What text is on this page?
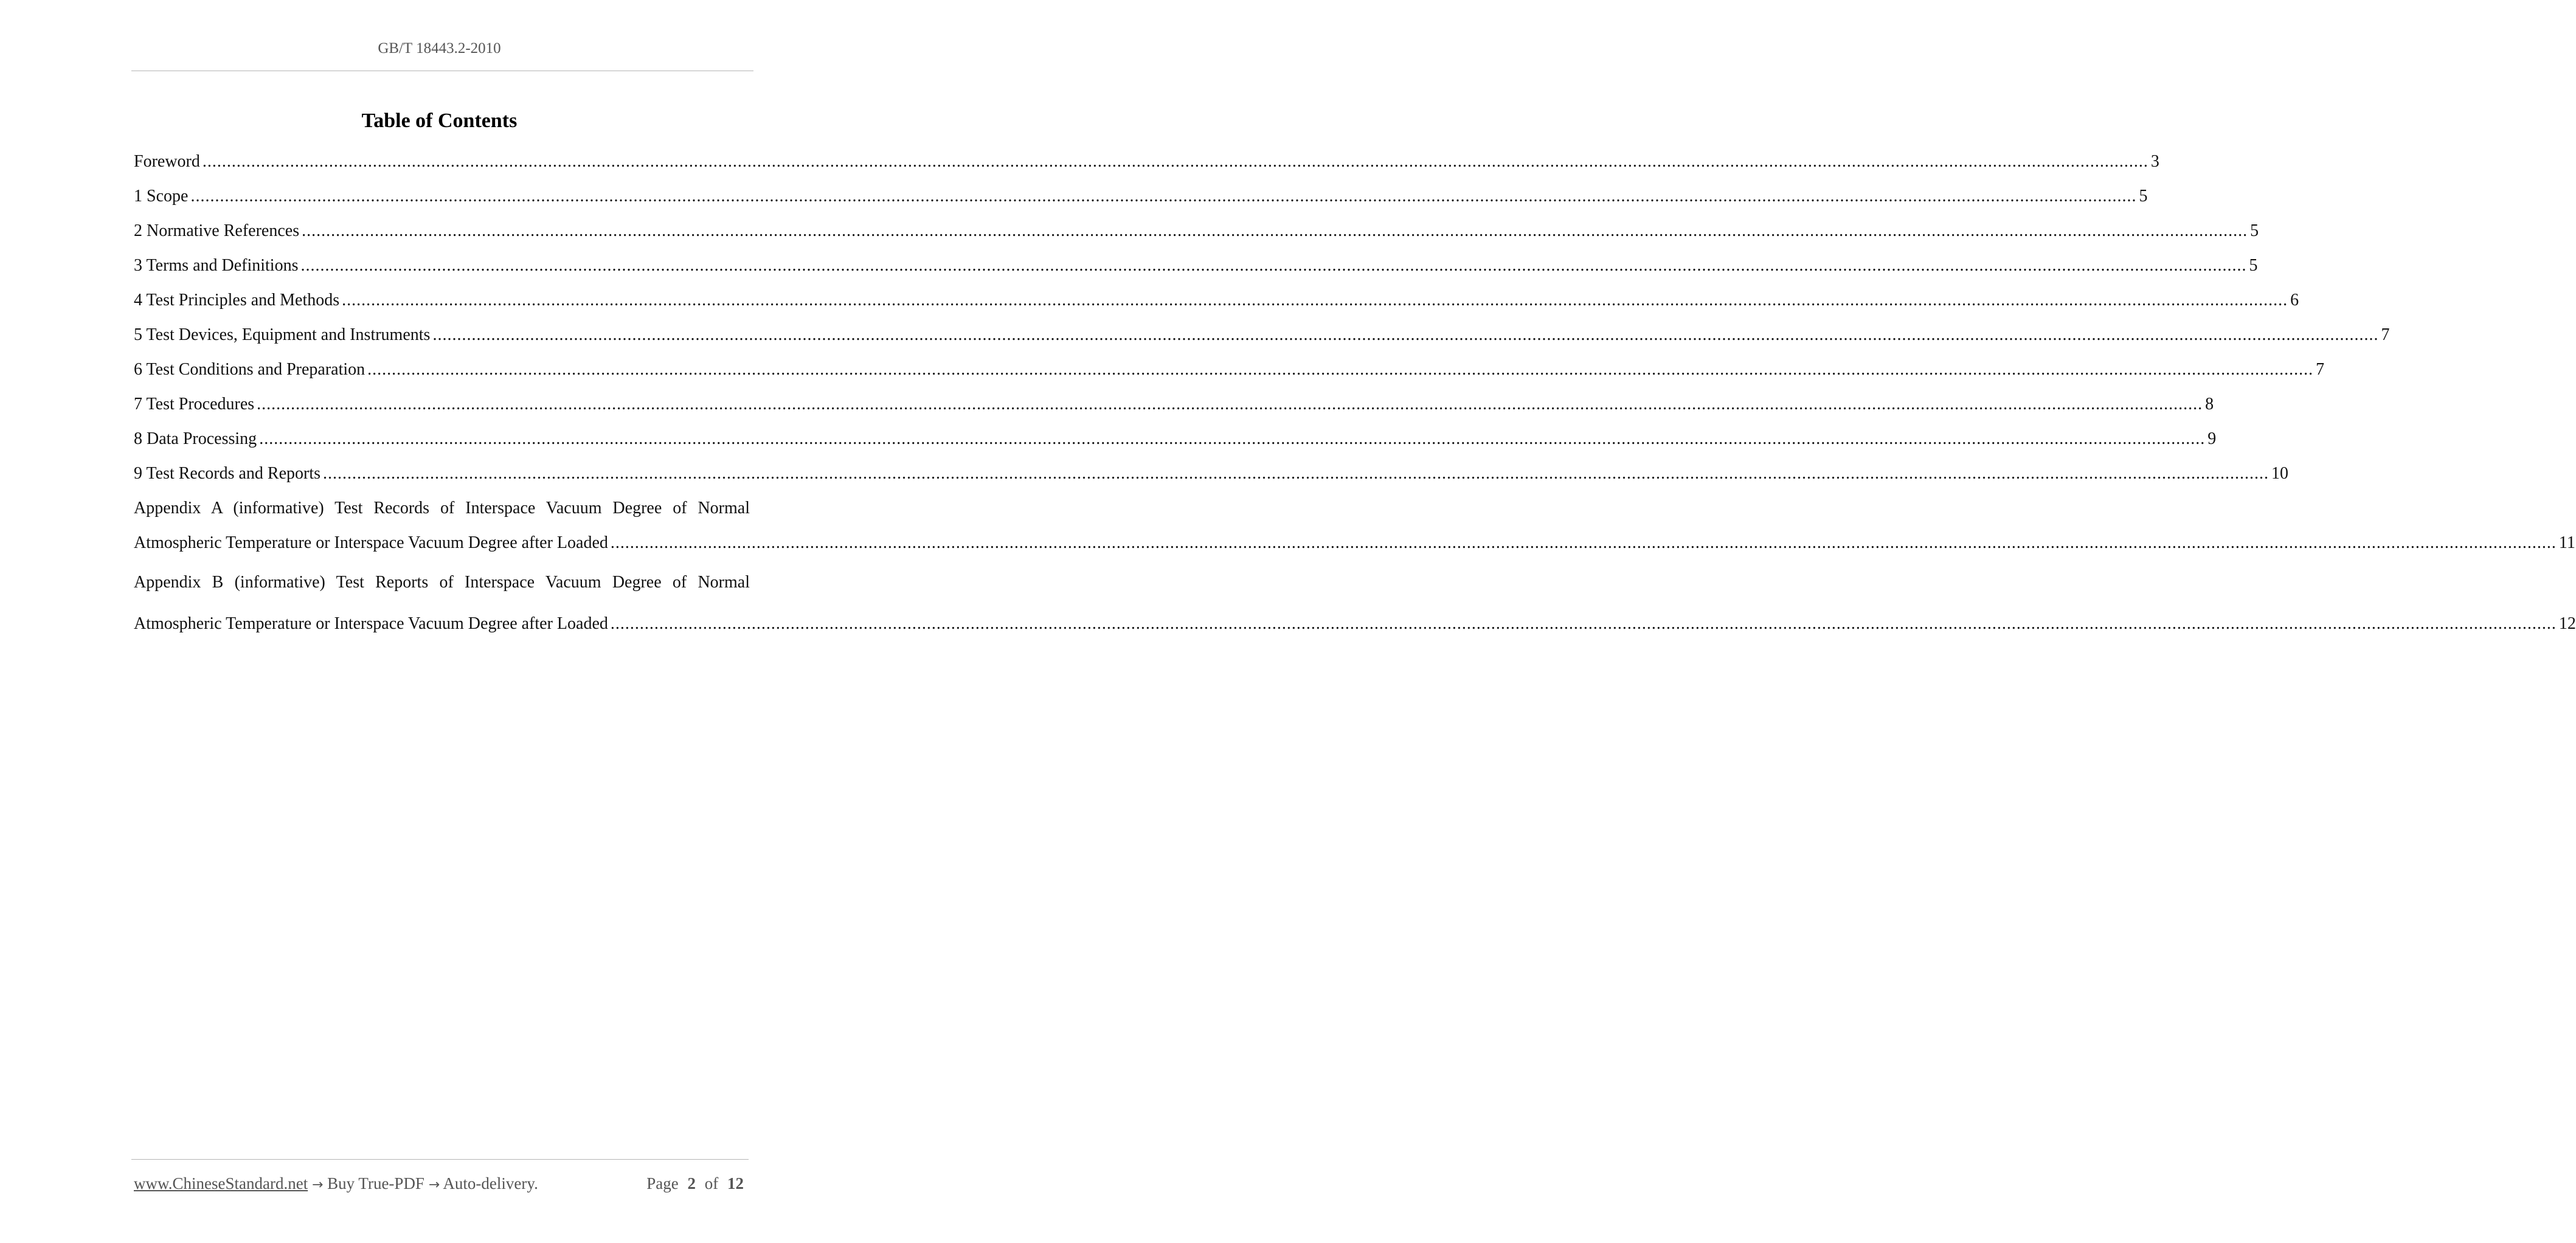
GB/T 18443.2-2010
Table of Contents
Foreword ................................................................................................................................................................................................................................................................................................................................................................................................................ 3
1 Scope ................................................................................................................................................................................................................................................................................................................................................................................................................ 5
2 Normative References ................................................................................................................................................................................................................................................................................................................................................................................................................ 5
3 Terms and Definitions ................................................................................................................................................................................................................................................................................................................................................................................................................ 5
4 Test Principles and Methods ................................................................................................................................................................................................................................................................................................................................................................................................................ 6
5 Test Devices, Equipment and Instruments ................................................................................................................................................................................................................................................................................................................................................................................................................ 7
6 Test Conditions and Preparation ................................................................................................................................................................................................................................................................................................................................................................................................................ 7
7 Test Procedures ................................................................................................................................................................................................................................................................................................................................................................................................................ 8
8 Data Processing ................................................................................................................................................................................................................................................................................................................................................................................................................ 9
9 Test Records and Reports ................................................................................................................................................................................................................................................................................................................................................................................................................ 10
Appendix A (informative) Test Records of Interspace Vacuum Degree of Normal
Atmospheric Temperature or Interspace Vacuum Degree after Loaded ................................................................................................................................................................................................................................................................................................................................................................................................................ 11
Appendix B (informative) Test Reports of Interspace Vacuum Degree of Normal
Atmospheric Temperature or Interspace Vacuum Degree after Loaded ................................................................................................................................................................................................................................................................................................................................................................................................................ 12
www.ChineseStandard.net → Buy True-PDF → Auto-delivery.	Page 2 of 12
